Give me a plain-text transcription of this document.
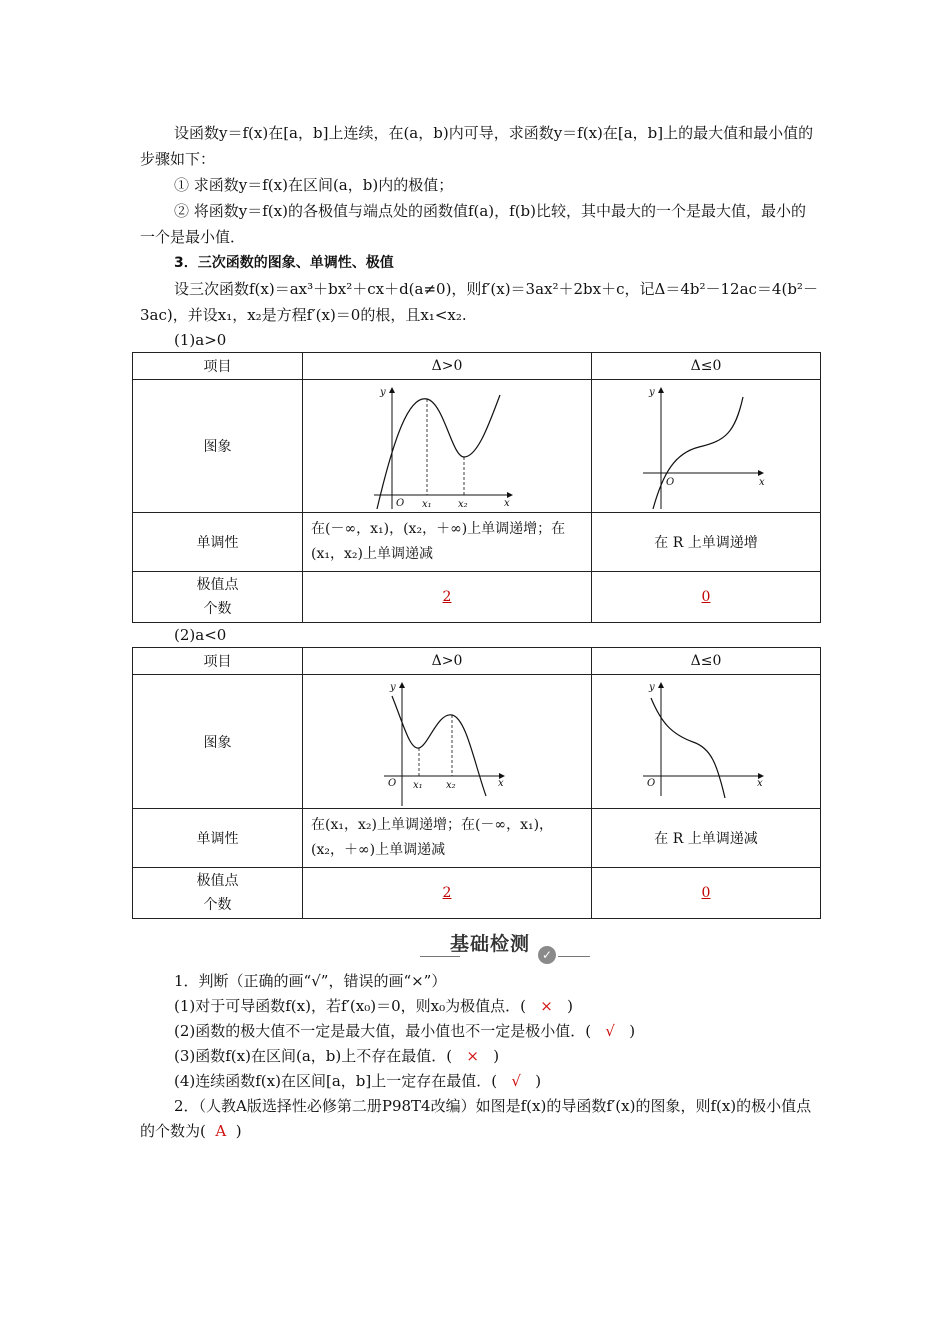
设函数y＝f(x)在[a，b]上连续，在(a，b)内可导，求函数y＝f(x)在[a，b]上的最大值和最小值的步骤如下：

① 求函数y＝f(x)在区间(a，b)内的极值；

② 将函数y＝f(x)的各极值与端点处的函数值f(a)，f(b)比较，其中最大的一个是最大值，最小的一个是最小值．

3．三次函数的图象、单调性、极值

设三次函数f(x)＝ax³＋bx²＋cx＋d(a≠0)，则f′(x)＝3ax²＋2bx＋c，记Δ＝4b²－12ac＝4(b²－3ac)，并设x₁，x₂是方程f′(x)＝0的根，且x₁<x₂.

(1)a>0

项目	Δ>0	Δ≤0
图象	y
O x₁ x₂ x	y
O x

单调性	在(－∞，x₁)，(x₂，＋∞)上单调递增；在(x₁，x₂)上单调递减	在 R 上单调递增

极值点
个数	2	0

(2)a<0

项目	Δ>0	Δ≤0
图象	y
O x₁ x₂ x	y
O x

单调性	在(x₁，x₂)上单调递增；在(－∞，x₁)，(x₂，＋∞)上单调递减	在 R 上单调递减

极值点
个数	2	0
基础检测 ✓

1．判断（正确的画“√”，错误的画“×”）

(1)对于可导函数f(x)，若f′(x₀)＝0，则x₀为极值点．( × )

(2)函数的极大值不一定是最大值，最小值也不一定是极小值．( √ )

(3)函数f(x)在区间(a，b)上不存在最值．( × )

(4)连续函数f(x)在区间[a，b]上一定存在最值．( √ )

2．（人教A版选择性必修第二册P98T4改编）如图是f(x)的导函数f′(x)的图象，则f(x)的极小值点的个数为( A )
